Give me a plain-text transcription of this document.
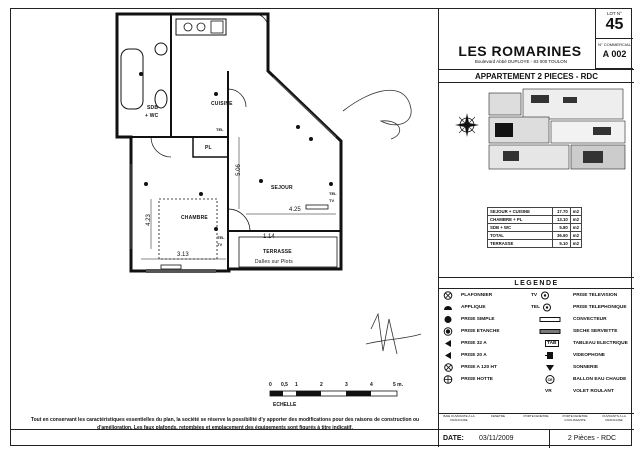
SDB
+ WC
CUISINE
PL
SEJOUR
CHAMBRE
TERRASSE
Dalles sur Plots
5.06
4.25
4.23
1.14
3.13
TEL
TEL
TV
TEL
TV
0 0,5 1	2	3	4	5 m.
ECHELLE
Tout en conservant les caractéristiques essentielles du plan, la société se réserve la possibilité d'y apporter des modifications pour des raisons de construction ou d'amélioration. Les faux plafonds, retombées et emplacement des équipements sont figurés à titre indicatif.
LOT N°
45
N° COMMERCIAL
A 002
LES ROMARINES
Boulevard Abbé DUPLOYE - 83 000 TOULON
APPARTEMENT 2 PIECES - RDC
SEJOUR + CUISINE	17.70	m2
CHAMBRE + PL	13.10	m2
SDB + WC	5.80	m2
TOTAL	36.60	m2
TERRASSE	5.10	m2
LEGENDE
PLAFONNIER
APPLIQUE
PRISE SIMPLE
PRISE ETANCHE
PRISE 32 A
PRISE 20 A
PRISE A 120 HT
PRISE HOTTE
TV	PRISE TELEVISION
TEL	PRISE TELEPHONIQUE
CONVECTEUR
SECHE SERVIETTE
TAB	TABLEAU ELECTRIQUE
VIDEOPHONE
SONNERIE
CE	BALLON EAU CHAUDE
VR	VOLET ROULANT
BAIE OUVRANTE A LA FRANCAISE
FENETRE	PORTE FENETRE	PORTE FENETRE COULISSANTE
OUVRANTS A LA FRANCAISE
DATE: 03/11/2009	2 Pièces - RDC
